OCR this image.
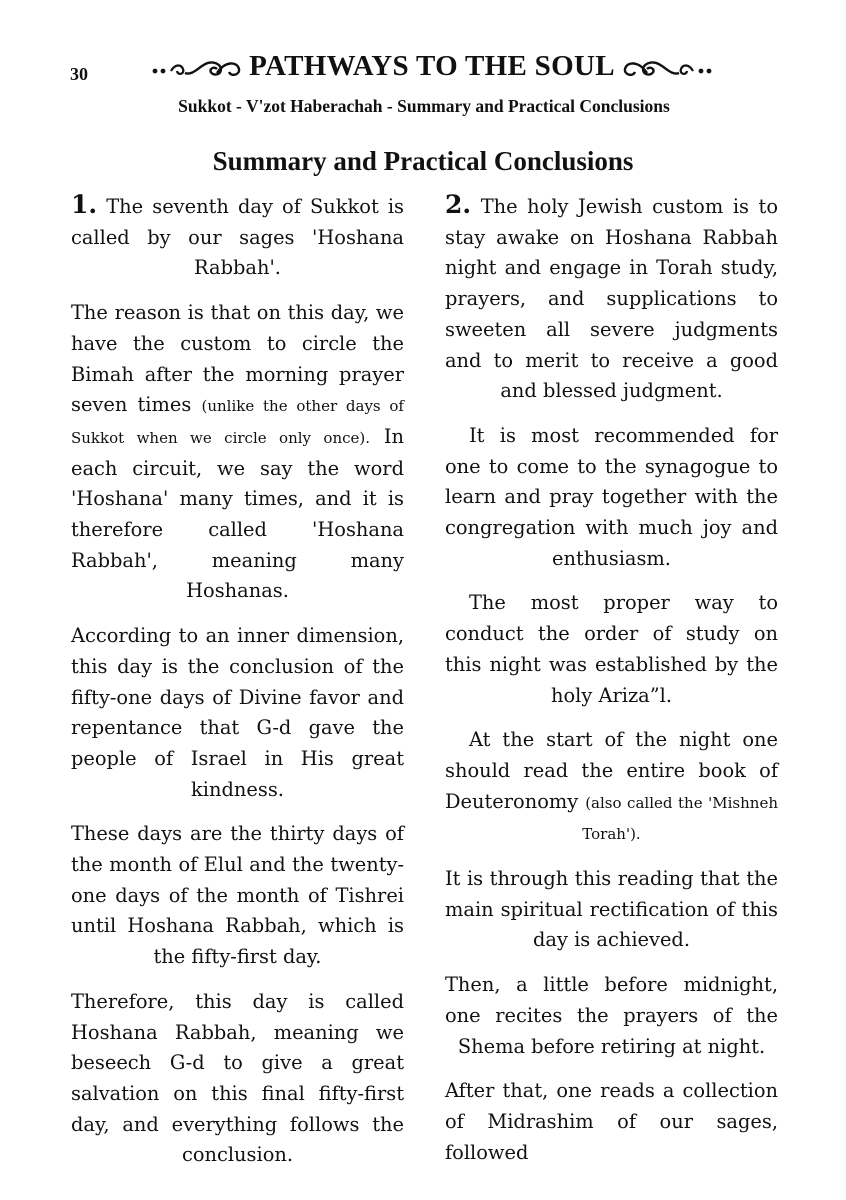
30	PATHWAYS TO THE SOUL
Sukkot - V'zot Haberachah - Summary and Practical Conclusions
Summary and Practical Conclusions

1. The seventh day of Sukkot is called by our sages 'Hoshana Rabbah'.

The reason is that on this day, we have the custom to circle the Bimah after the morning prayer seven times (unlike the other days of Sukkot when we circle only once). In each circuit, we say the word 'Hoshana' many times, and it is therefore called 'Hoshana Rabbah', meaning many Hoshanas.

According to an inner dimension, this day is the conclusion of the fifty-one days of Divine favor and repentance that G-d gave the people of Israel in His great kindness.

These days are the thirty days of the month of Elul and the twenty-one days of the month of Tishrei until Hoshana Rabbah, which is the fifty-first day.

Therefore, this day is called Hoshana Rabbah, meaning we beseech G-d to give a great salvation on this final fifty-first day, and everything follows the conclusion.

2. The holy Jewish custom is to stay awake on Hoshana Rabbah night and engage in Torah study, prayers, and supplications to sweeten all severe judgments and to merit to receive a good and blessed judgment.

It is most recommended for one to come to the synagogue to learn and pray together with the congregation with much joy and enthusiasm.

The most proper way to conduct the order of study on this night was established by the holy Ariza”l.

At the start of the night one should read the entire book of Deuteronomy (also called the 'Mishneh Torah').

It is through this reading that the main spiritual rectification of this day is achieved.

Then, a little before midnight, one recites the prayers of the Shema before retiring at night.

After that, one reads a collection of Midrashim of our sages, followed
